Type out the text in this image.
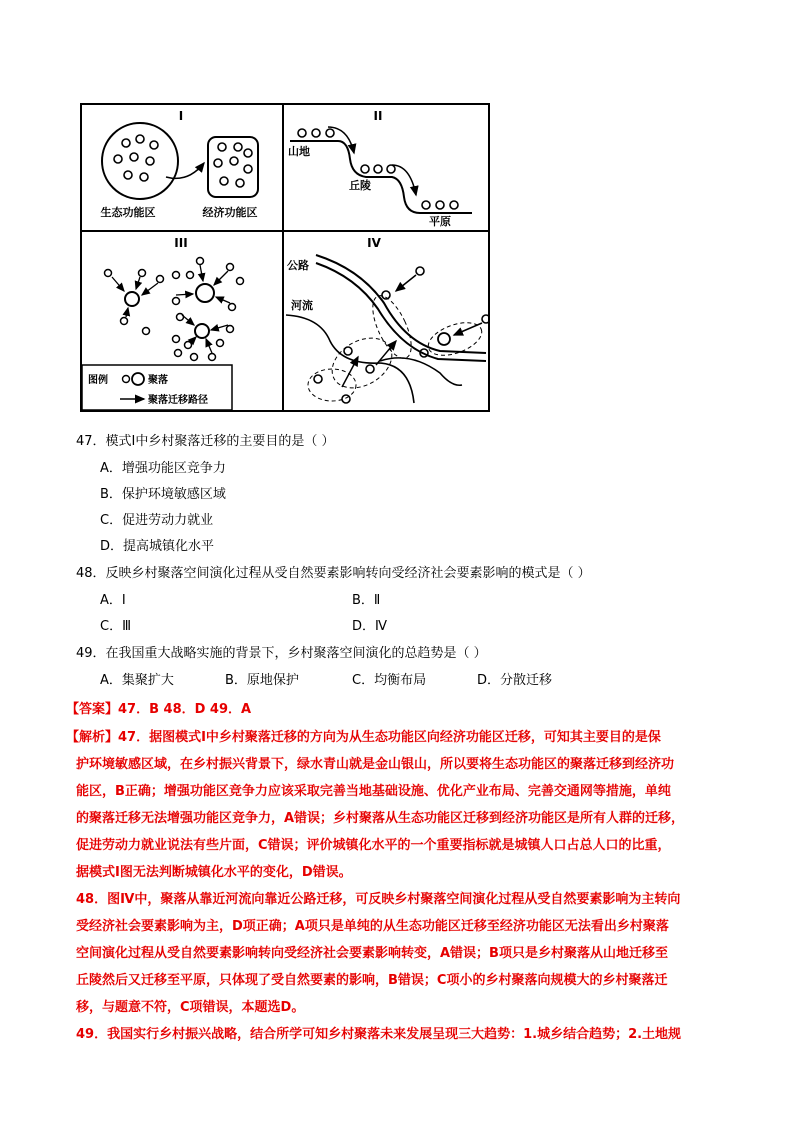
I
生态功能区	经济功能区
II
山地
丘陵
平原
III
图例	聚落
聚落迁移路径
IV
公路
河流
47．模式Ⅰ中乡村聚落迁移的主要目的是（ ）
A．增强功能区竞争力
B．保护环境敏感区域
C．促进劳动力就业
D．提高城镇化水平
48．反映乡村聚落空间演化过程从受自然要素影响转向受经济社会要素影响的模式是（ ）
A．Ⅰ	B．Ⅱ
C．Ⅲ	D．Ⅳ
49．在我国重大战略实施的背景下，乡村聚落空间演化的总趋势是（ ）
A．集聚扩大	B．原地保护	C．均衡布局	D．分散迁移
【答案】47．B 48．D 49．A
【解析】47．据图模式Ⅰ中乡村聚落迁移的方向为从生态功能区向经济功能区迁移，可知其主要目的是保
护环境敏感区域，在乡村振兴背景下，绿水青山就是金山银山，所以要将生态功能区的聚落迁移到经济功
能区，B正确；增强功能区竞争力应该采取完善当地基础设施、优化产业布局、完善交通网等措施，单纯
的聚落迁移无法增强功能区竞争力，A错误；乡村聚落从生态功能区迁移到经济功能区是所有人群的迁移，
促进劳动力就业说法有些片面，C错误；评价城镇化水平的一个重要指标就是城镇人口占总人口的比重，
据模式Ⅰ图无法判断城镇化水平的变化，D错误。
48．图Ⅳ中，聚落从靠近河流向靠近公路迁移，可反映乡村聚落空间演化过程从受自然要素影响为主转向
受经济社会要素影响为主，D项正确；A项只是单纯的从生态功能区迁移至经济功能区无法看出乡村聚落
空间演化过程从受自然要素影响转向受经济社会要素影响转变，A错误；B项只是乡村聚落从山地迁移至
丘陵然后又迁移至平原，只体现了受自然要素的影响，B错误；C项小的乡村聚落向规模大的乡村聚落迁
移，与题意不符，C项错误，本题选D。
49．我国实行乡村振兴战略，结合所学可知乡村聚落未来发展呈现三大趋势：1.城乡结合趋势；2.土地规
